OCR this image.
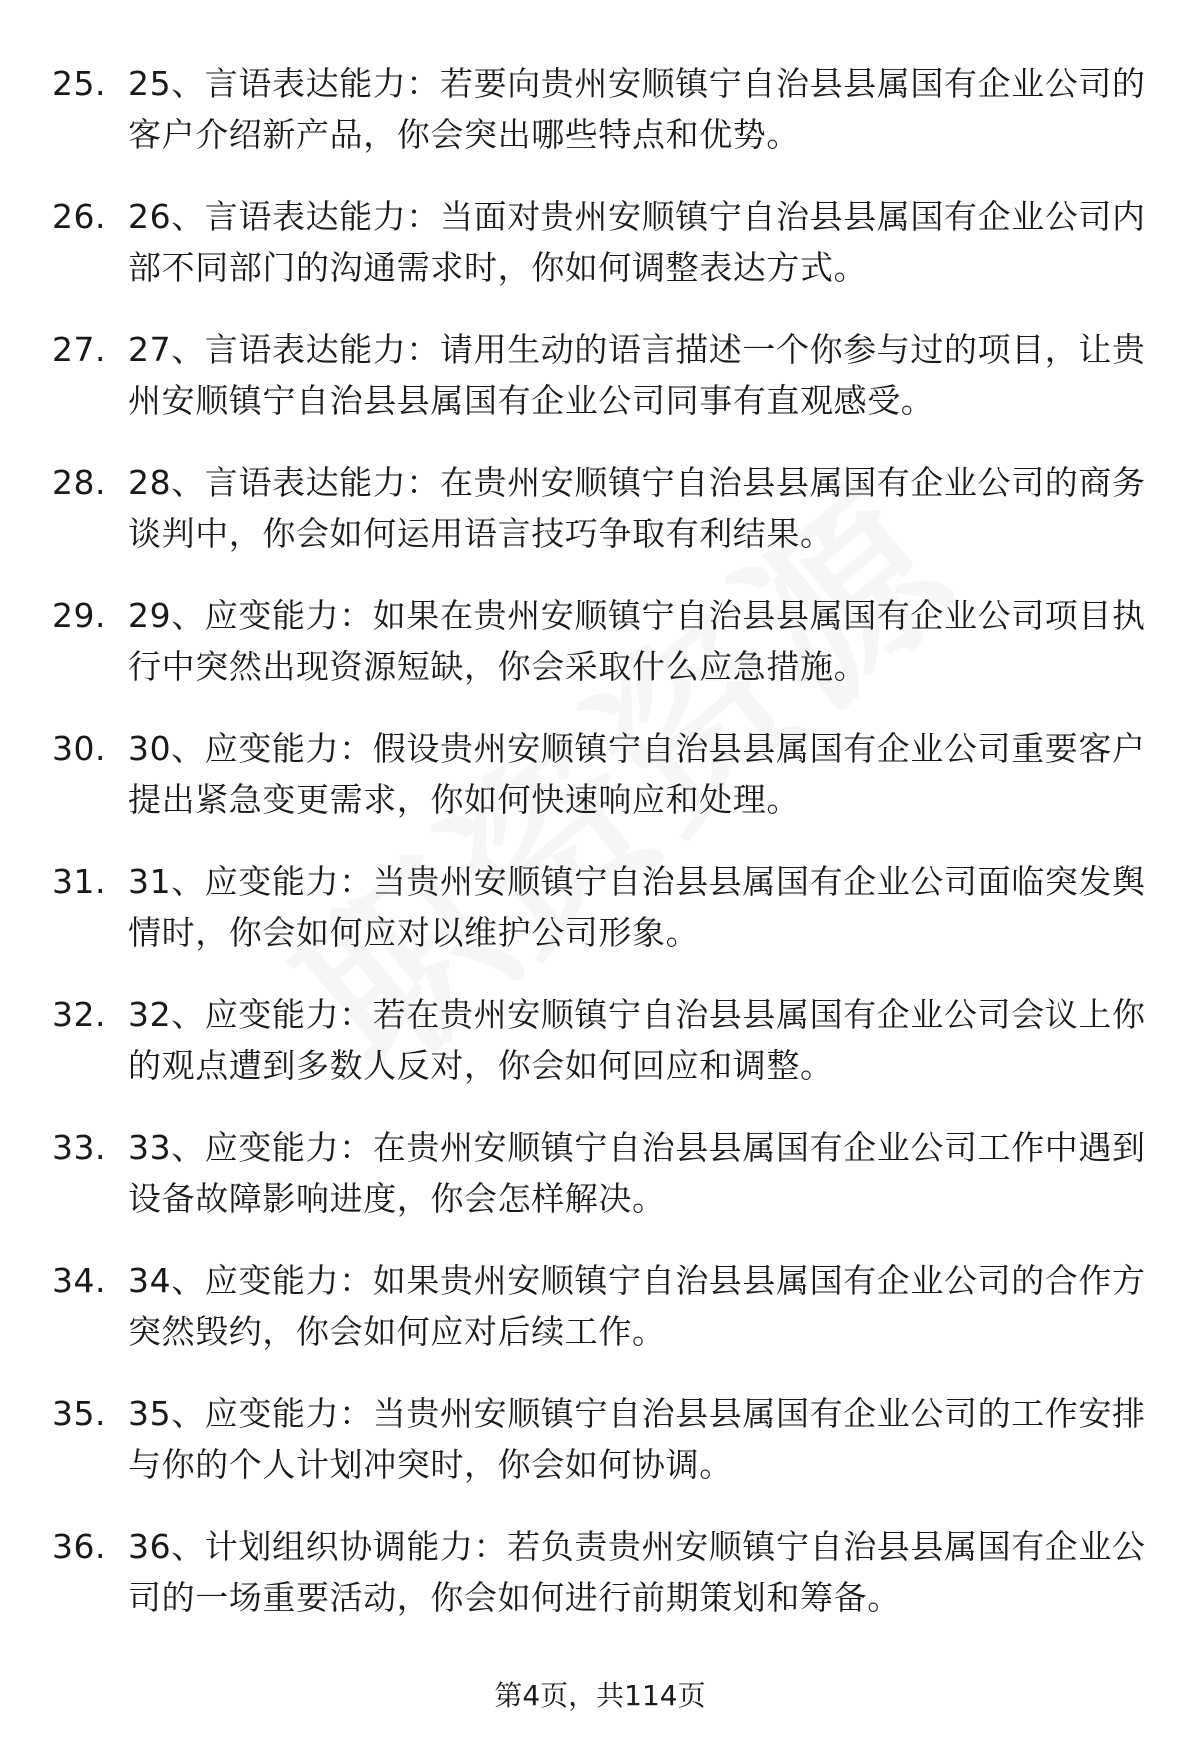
25. 25、言语表达能力：若要向贵州安顺镇宁自治县县属国有企业公司的客户介绍新产品，你会突出哪些特点和优势。
26. 26、言语表达能力：当面对贵州安顺镇宁自治县县属国有企业公司内部不同部门的沟通需求时，你如何调整表达方式。
27. 27、言语表达能力：请用生动的语言描述一个你参与过的项目，让贵州安顺镇宁自治县县属国有企业公司同事有直观感受。
28. 28、言语表达能力：在贵州安顺镇宁自治县县属国有企业公司的商务谈判中，你会如何运用语言技巧争取有利结果。
29. 29、应变能力：如果在贵州安顺镇宁自治县县属国有企业公司项目执行中突然出现资源短缺，你会采取什么应急措施。
30. 30、应变能力：假设贵州安顺镇宁自治县县属国有企业公司重要客户提出紧急变更需求，你如何快速响应和处理。
31. 31、应变能力：当贵州安顺镇宁自治县县属国有企业公司面临突发舆情时，你会如何应对以维护公司形象。
32. 32、应变能力：若在贵州安顺镇宁自治县县属国有企业公司会议上你的观点遭到多数人反对，你会如何回应和调整。
33. 33、应变能力：在贵州安顺镇宁自治县县属国有企业公司工作中遇到设备故障影响进度，你会怎样解决。
34. 34、应变能力：如果贵州安顺镇宁自治县县属国有企业公司的合作方突然毁约，你会如何应对后续工作。
35. 35、应变能力：当贵州安顺镇宁自治县县属国有企业公司的工作安排与你的个人计划冲突时，你会如何协调。
36. 36、计划组织协调能力：若负责贵州安顺镇宁自治县县属国有企业公司的一场重要活动，你会如何进行前期策划和筹备。
第4页，共114页
